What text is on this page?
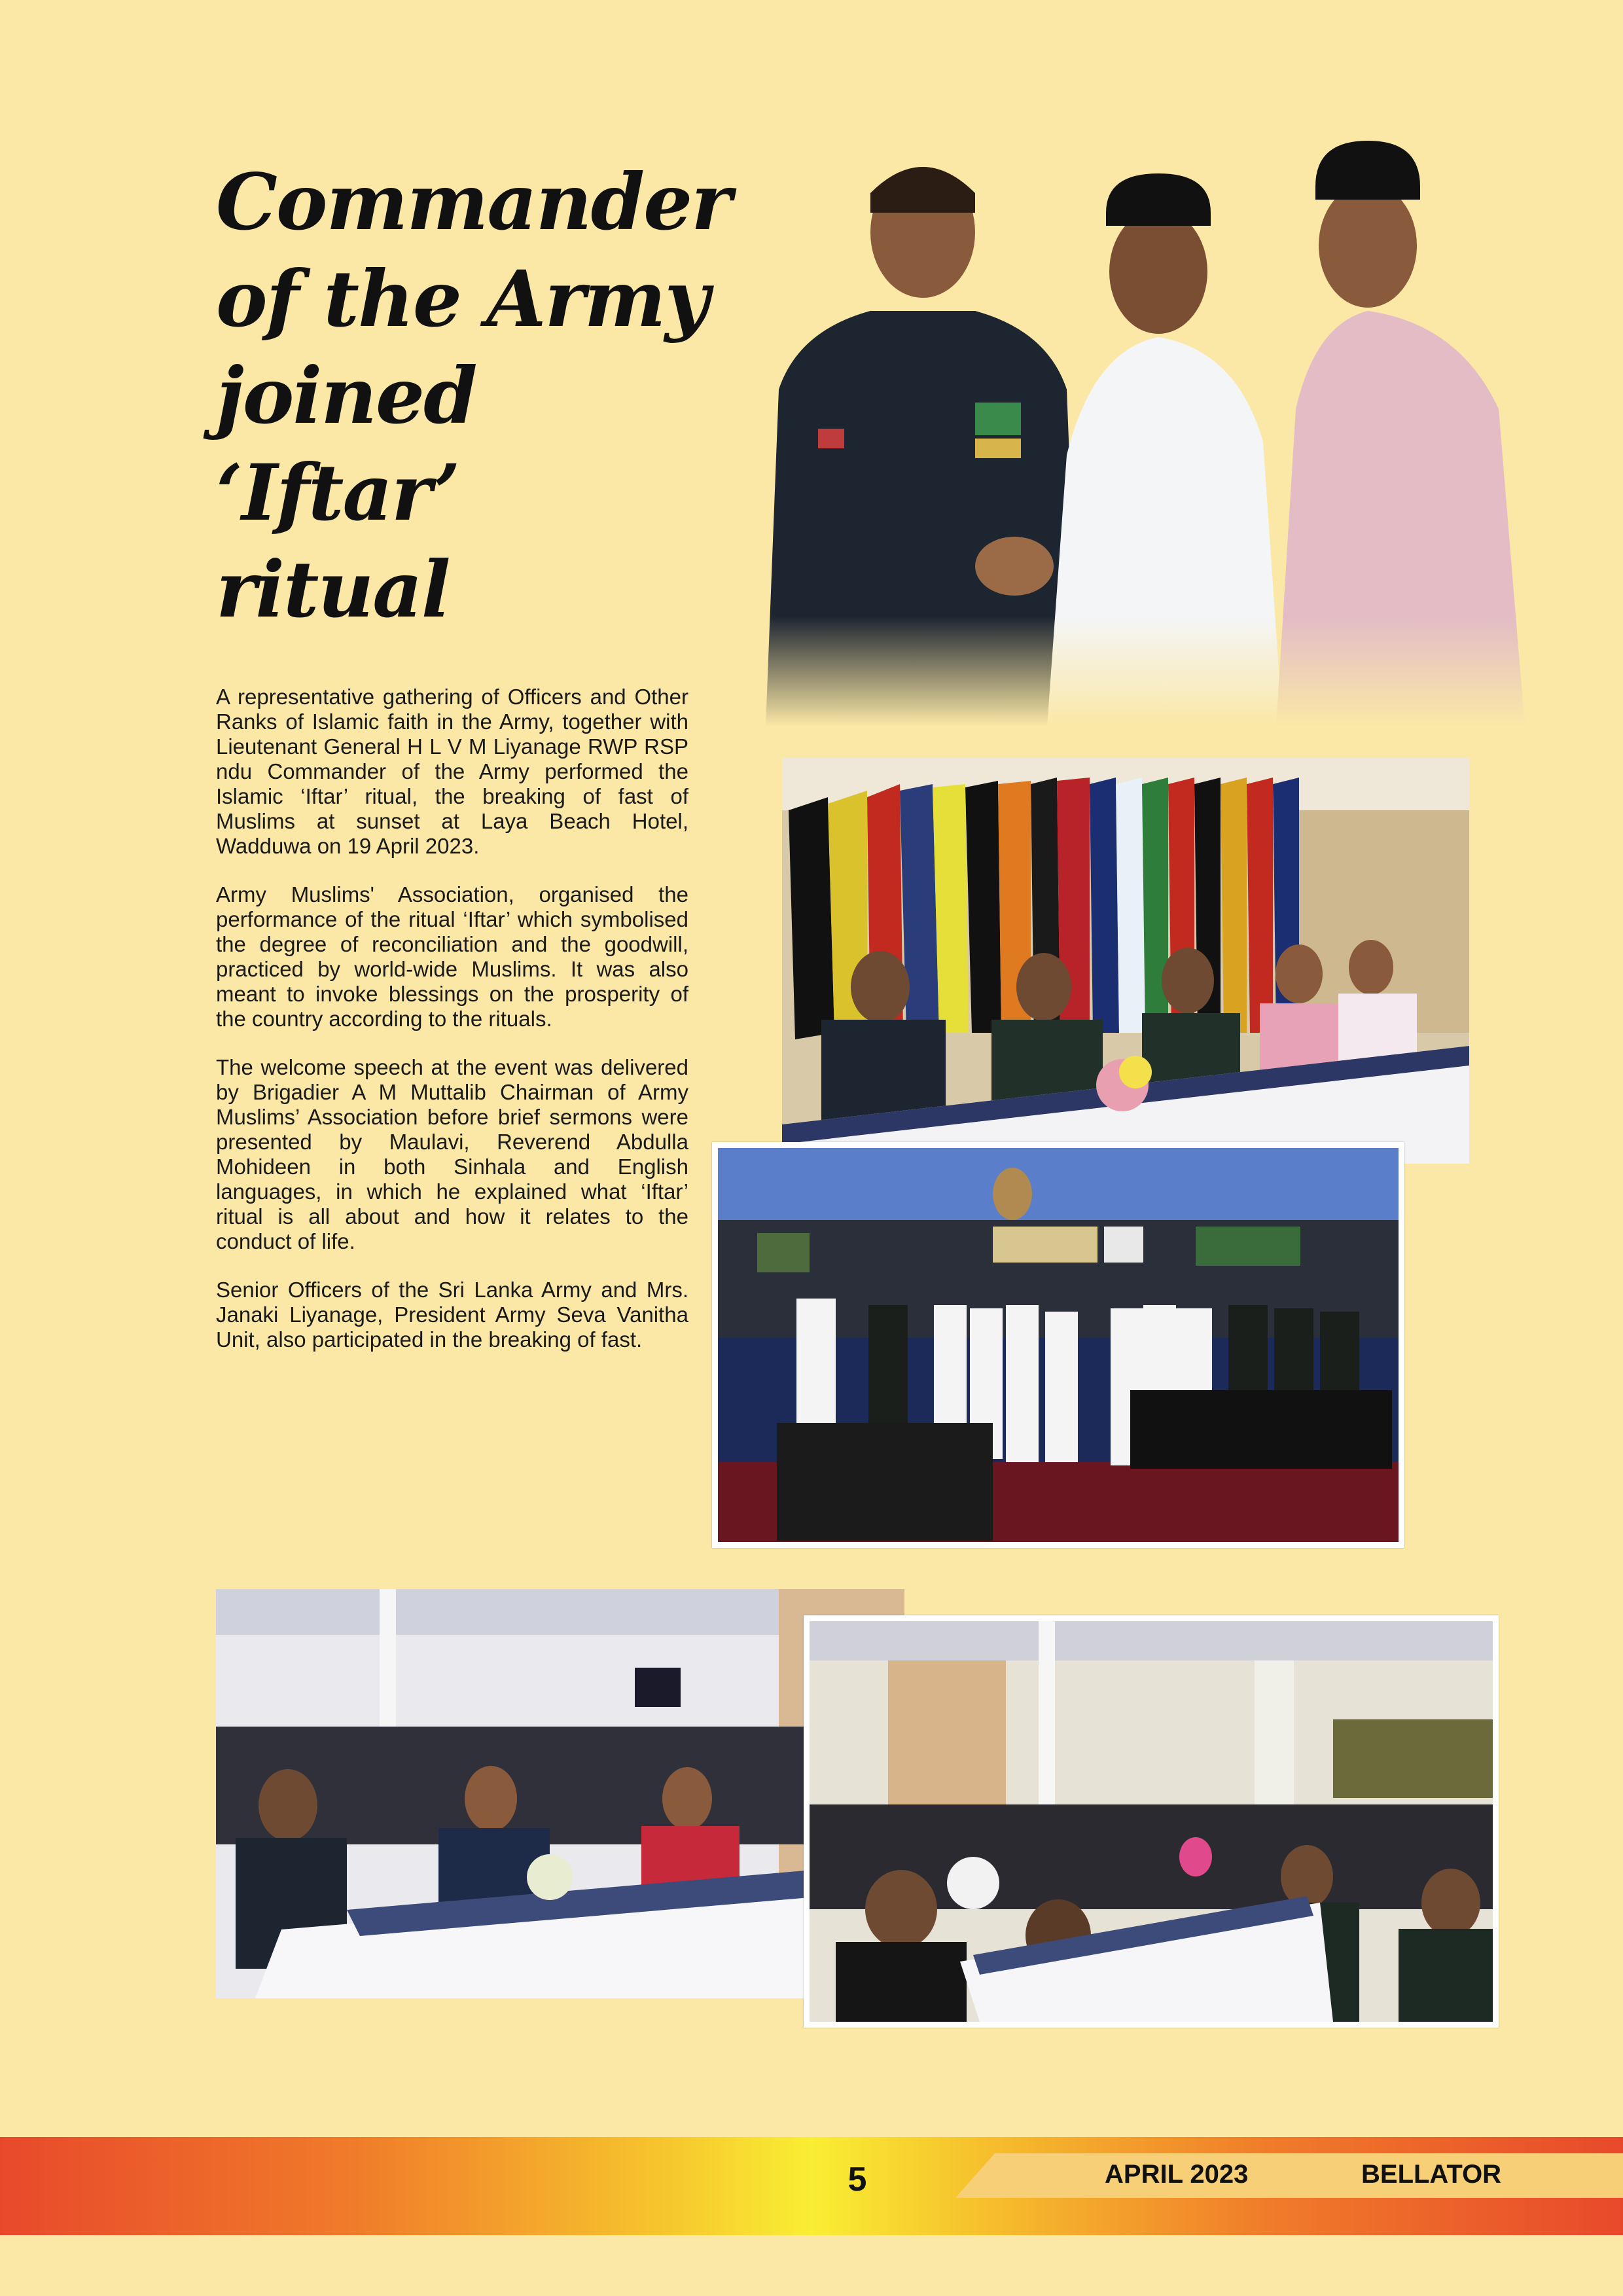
Commander
of the Army
joined ‘Iftar’
ritual

A representative gathering of Officers and Other Ranks of Islamic faith in the Army, together with Lieutenant General H L V M Liyanage RWP RSP ndu Commander of the Army performed the Islamic ‘Iftar’ ritual, the breaking of fast of Muslims at sunset at Laya Beach Hotel, Wadduwa on 19 April 2023.

Army Muslims' Association, organised the performance of the ritual ‘Iftar’ which symbolised the degree of reconciliation and the goodwill, practiced by world-wide Muslims. It was also meant to invoke blessings on the prosperity of the country according to the rituals.

The welcome speech at the event was delivered by Brigadier A M Muttalib Chairman of Army Muslims’ Association before brief sermons were presented by Maulavi, Reverend Abdulla Mohideen in both Sinhala and English languages, in which he explained what ‘Iftar’ ritual is all about and how it relates to the conduct of life.

Senior Officers of the Sri Lanka Army and Mrs. Janaki Liyanage, President Army Seva Vanitha Unit, also participated in the breaking of fast.

5	APRIL 2023	BELLATOR
